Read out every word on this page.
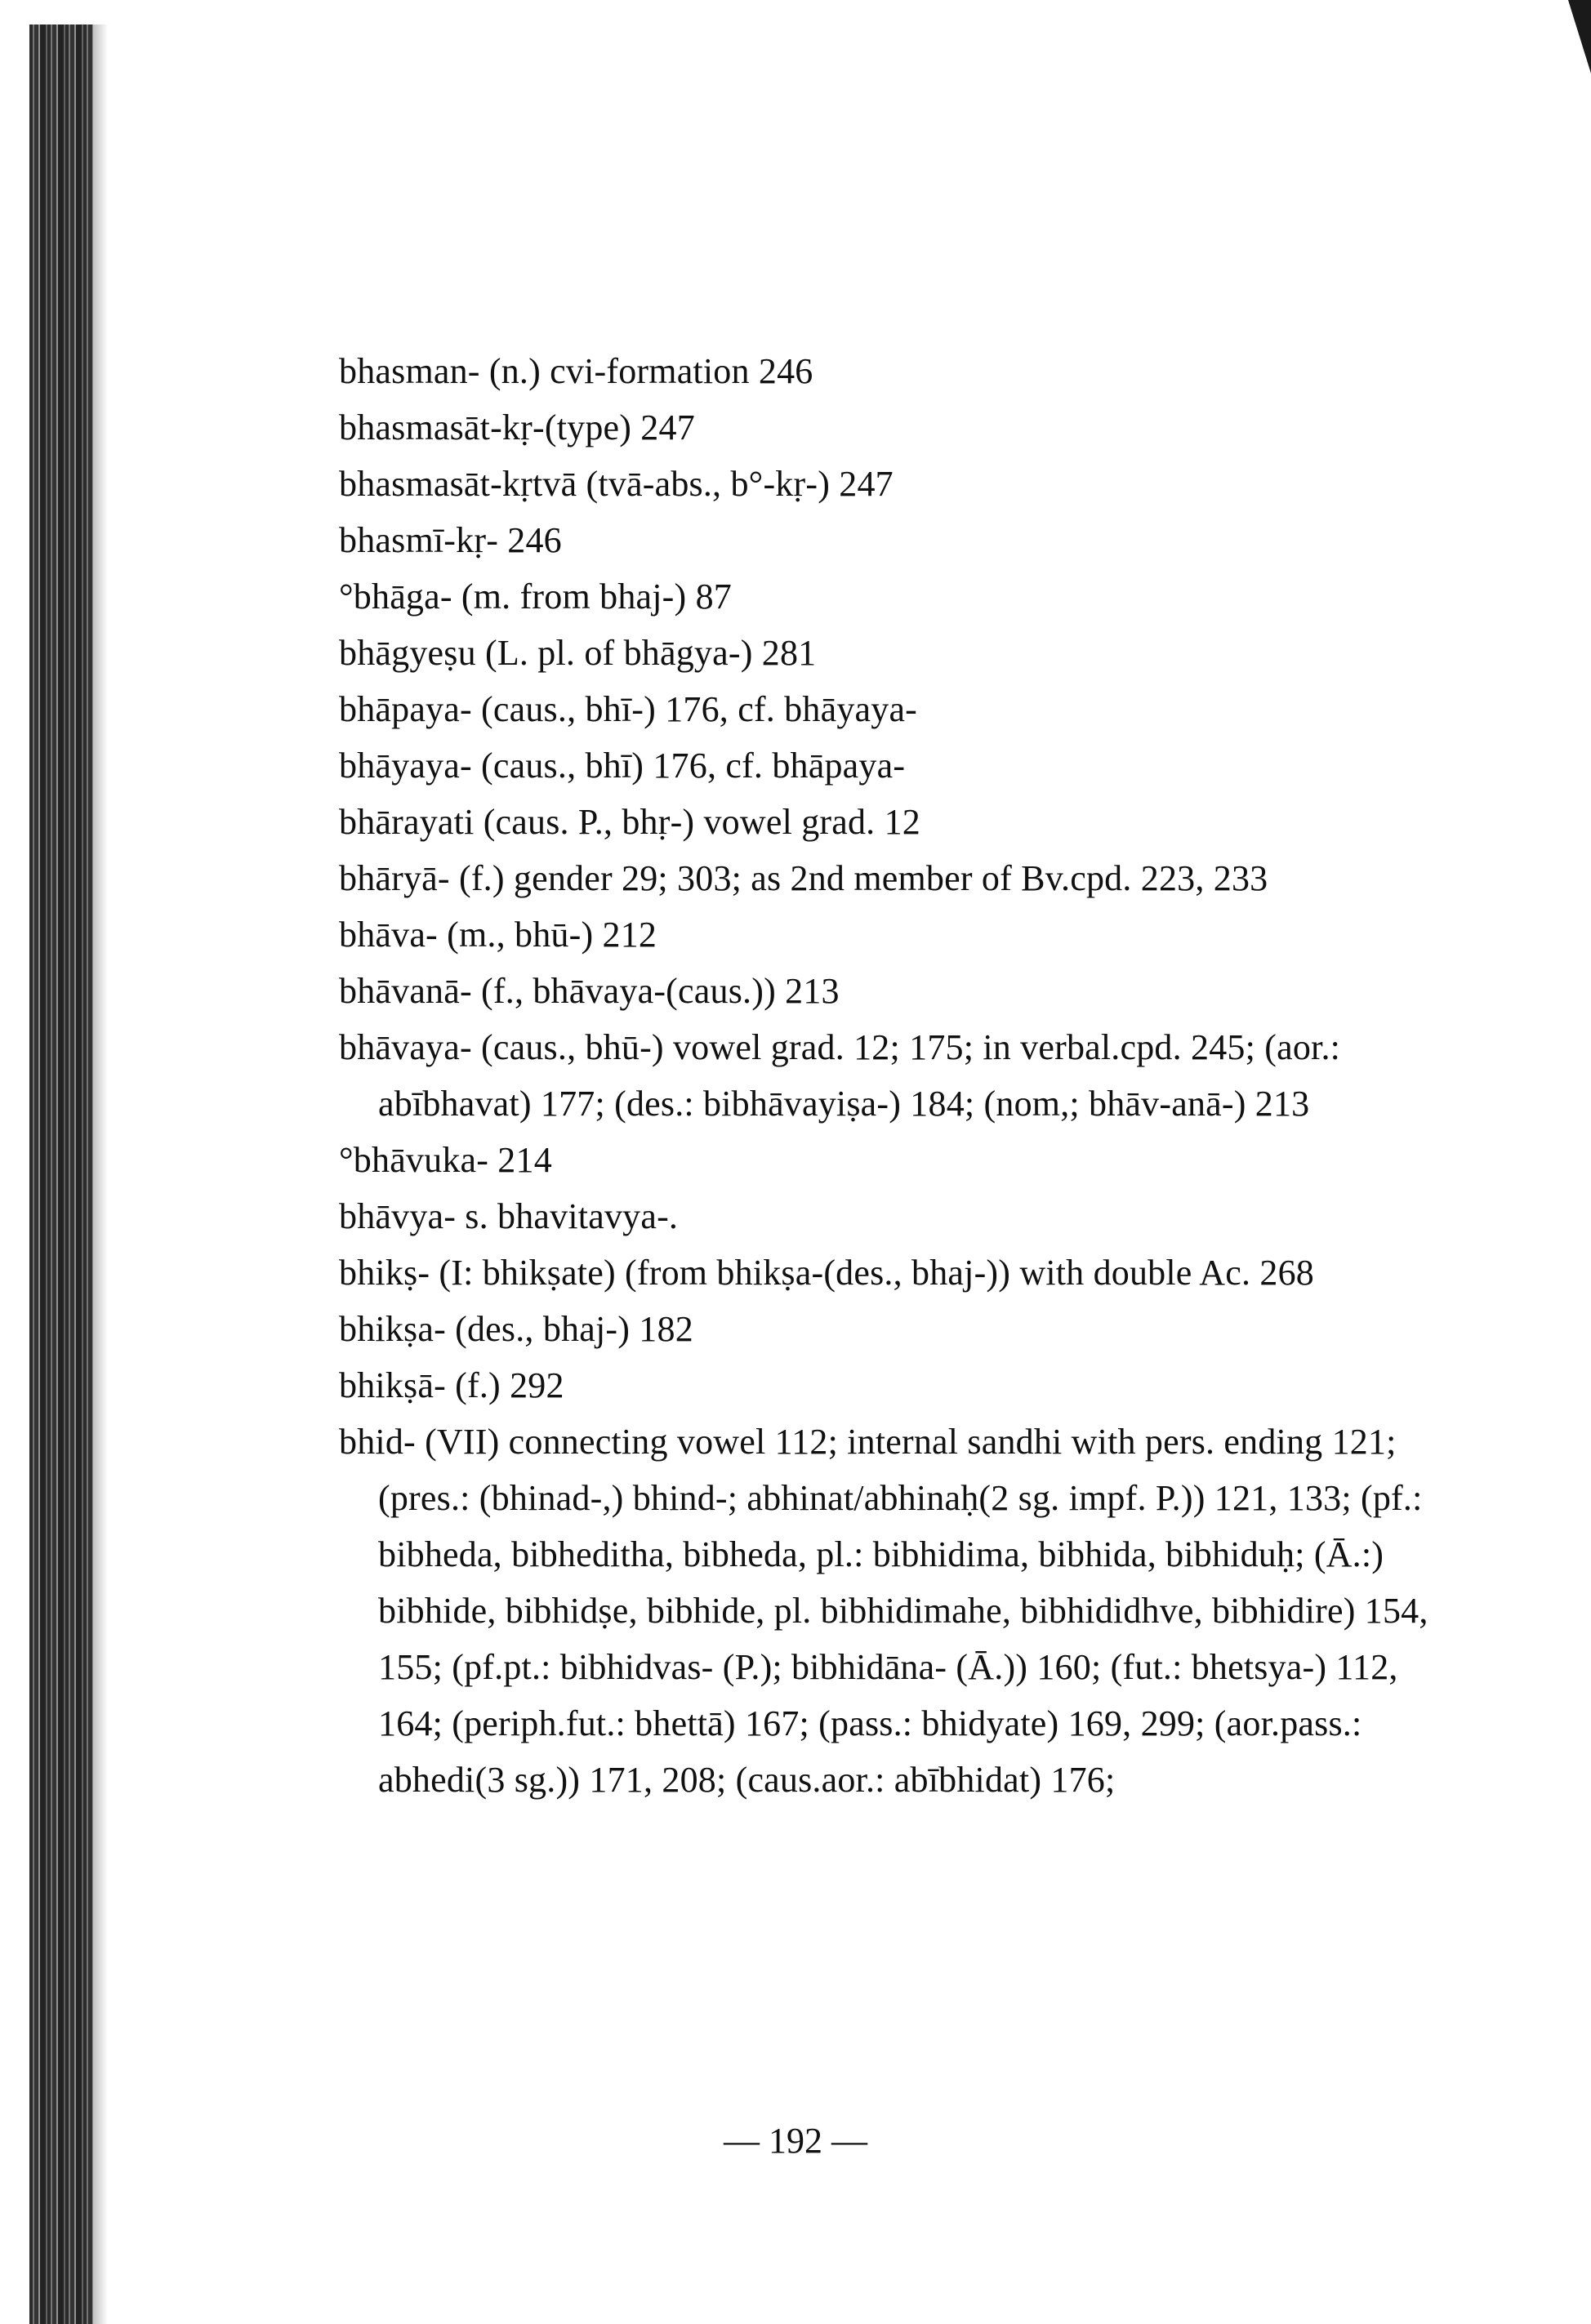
bhasman- (n.) cvi-formation 246

bhasmasāt-kṛ-(type) 247

bhasmasāt-kṛtvā (tvā-abs., b°-kṛ-) 247

bhasmī-kṛ- 246

°bhāga- (m. from bhaj-) 87

bhāgyeṣu (L. pl. of bhāgya-) 281

bhāpaya- (caus., bhī-) 176, cf. bhāyaya-

bhāyaya- (caus., bhī) 176, cf. bhāpaya-

bhārayati (caus. P., bhṛ-) vowel grad. 12

bhāryā- (f.) gender 29; 303; as 2nd member of Bv.cpd. 223, 233

bhāva- (m., bhū-) 212

bhāvanā- (f., bhāvaya-(caus.)) 213

bhāvaya- (caus., bhū-) vowel grad. 12; 175; in verbal.cpd. 245; (aor.: abībhavat) 177; (des.: bibhāvayiṣa-) 184; (nom,; bhāv-anā-) 213

°bhāvuka- 214

bhāvya- s. bhavitavya-.

bhikṣ- (I: bhikṣate) (from bhikṣa-(des., bhaj-)) with double Ac. 268

bhikṣa- (des., bhaj-) 182

bhikṣā- (f.) 292

bhid- (VII) connecting vowel 112; internal sandhi with pers. ending 121; (pres.: (bhinad-,) bhind-; abhinat/abhinaḥ(2 sg. impf. P.)) 121, 133; (pf.: bibheda, bibheditha, bibheda, pl.: bibhidima, bibhida, bibhiduḥ; (Ā.:) bibhide, bibhidṣe, bibhide, pl. bibhidimahe, bibhididhve, bibhidire) 154, 155; (pf.pt.: bibhidvas- (P.); bibhidāna- (Ā.)) 160; (fut.: bhetsya-) 112, 164; (periph.fut.: bhettā) 167; (pass.: bhidyate) 169, 299; (aor.pass.: abhedi(3 sg.)) 171, 208; (caus.aor.: abībhidat) 176;

— 192 —
